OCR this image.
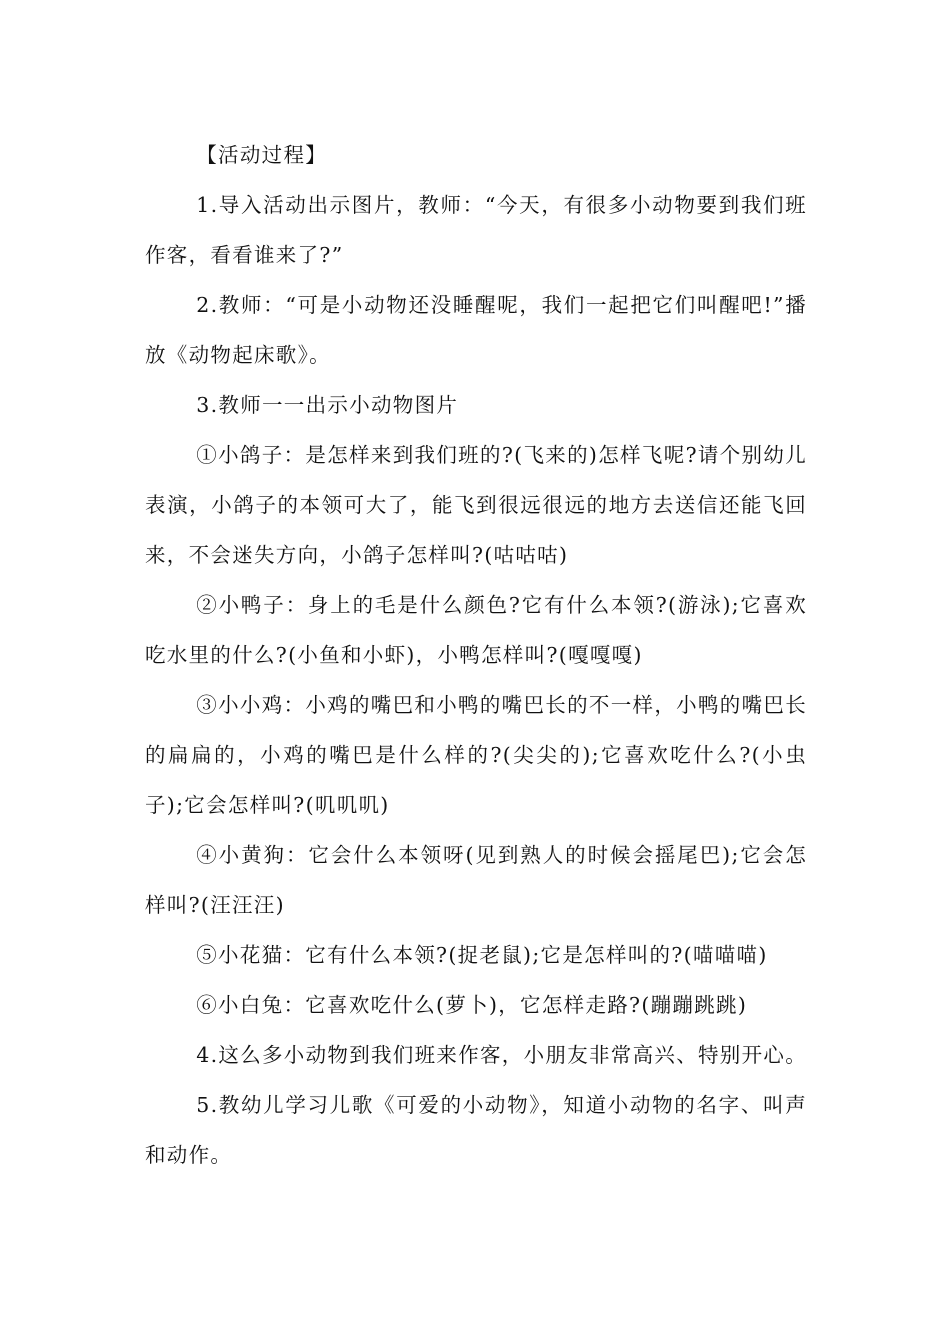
【活动过程】

1.导入活动出示图片，教师：“今天，有很多小动物要到我们班作客，看看谁来了?”

2.教师：“可是小动物还没睡醒呢，我们一起把它们叫醒吧!”播放《动物起床歌》。

3.教师一一出示小动物图片

①小鸽子：是怎样来到我们班的?(飞来的)怎样飞呢?请个别幼儿表演，小鸽子的本领可大了，能飞到很远很远的地方去送信还能飞回来，不会迷失方向，小鸽子怎样叫?(咕咕咕)

②小鸭子：身上的毛是什么颜色?它有什么本领?(游泳);它喜欢吃水里的什么?(小鱼和小虾)，小鸭怎样叫?(嘎嘎嘎)

③小小鸡：小鸡的嘴巴和小鸭的嘴巴长的不一样，小鸭的嘴巴长的扁扁的，小鸡的嘴巴是什么样的?(尖尖的);它喜欢吃什么?(小虫子);它会怎样叫?(叽叽叽)

④小黄狗：它会什么本领呀(见到熟人的时候会摇尾巴);它会怎样叫?(汪汪汪)

⑤小花猫：它有什么本领?(捉老鼠);它是怎样叫的?(喵喵喵)

⑥小白兔：它喜欢吃什么(萝卜)，它怎样走路?(蹦蹦跳跳)

4.这么多小动物到我们班来作客，小朋友非常高兴、特别开心。

5.教幼儿学习儿歌《可爱的小动物》，知道小动物的名字、叫声和动作。
